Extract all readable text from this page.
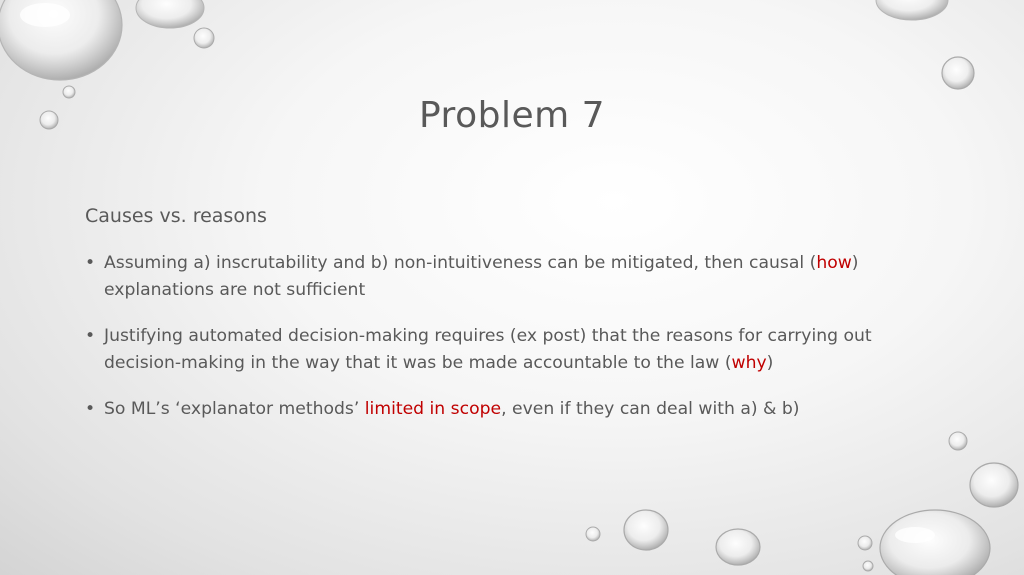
Problem 7
Causes vs. reasons
• Assuming a) inscrutability and b) non-intuitiveness can be mitigated, then causal (how) explanations are not sufficient
• Justifying automated decision-making requires (ex post) that the reasons for carrying out decision-making in the way that it was be made accountable to the law (why)
• So ML’s ‘explanator methods’ limited in scope, even if they can deal with a) & b)
